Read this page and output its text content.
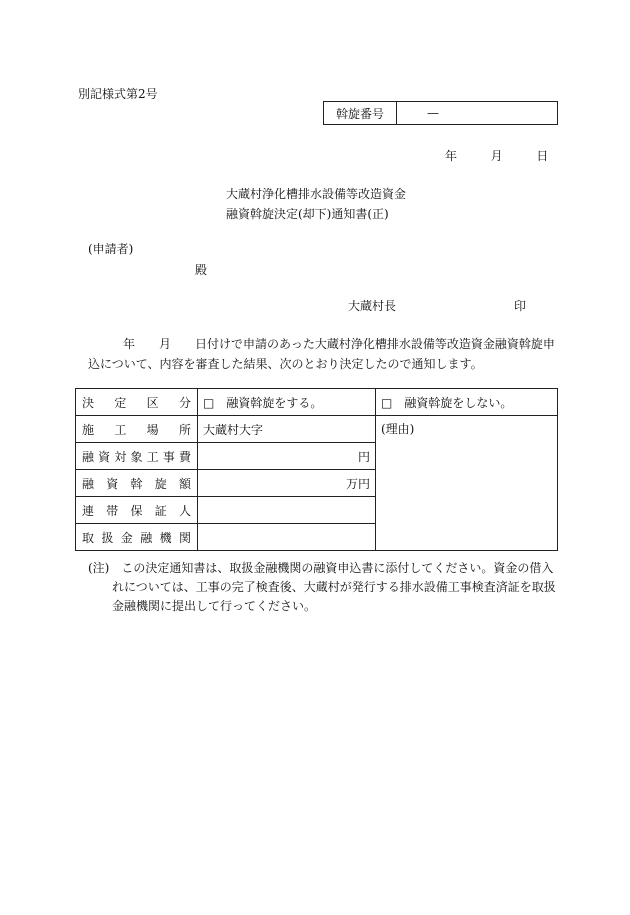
別記様式第2号
斡旋番号	—
年	月	日
大蔵村浄化槽排水設備等改造資金
融資斡旋決定(却下)通知書(正)
(申請者)
殿
大蔵村長	印
年　　月　　日付けで申請のあった大蔵村浄化槽排水設備等改造資金融資斡旋申
込について、内容を審査した結果、次のとおり決定したので通知します。
決定区分	□　融資斡旋をする。	□　融資斡旋をしない。
施工場所	大蔵村大字	(理由)
融資対象工事費	円	
融資斡旋額	万円	
連帯保証人		
取扱金融機関		
(注)　この決定通知書は、取扱金融機関の融資申込書に添付してください。資金の借入
れについては、工事の完了検査後、大蔵村が発行する排水設備工事検査済証を取扱
金融機関に提出して行ってください。
